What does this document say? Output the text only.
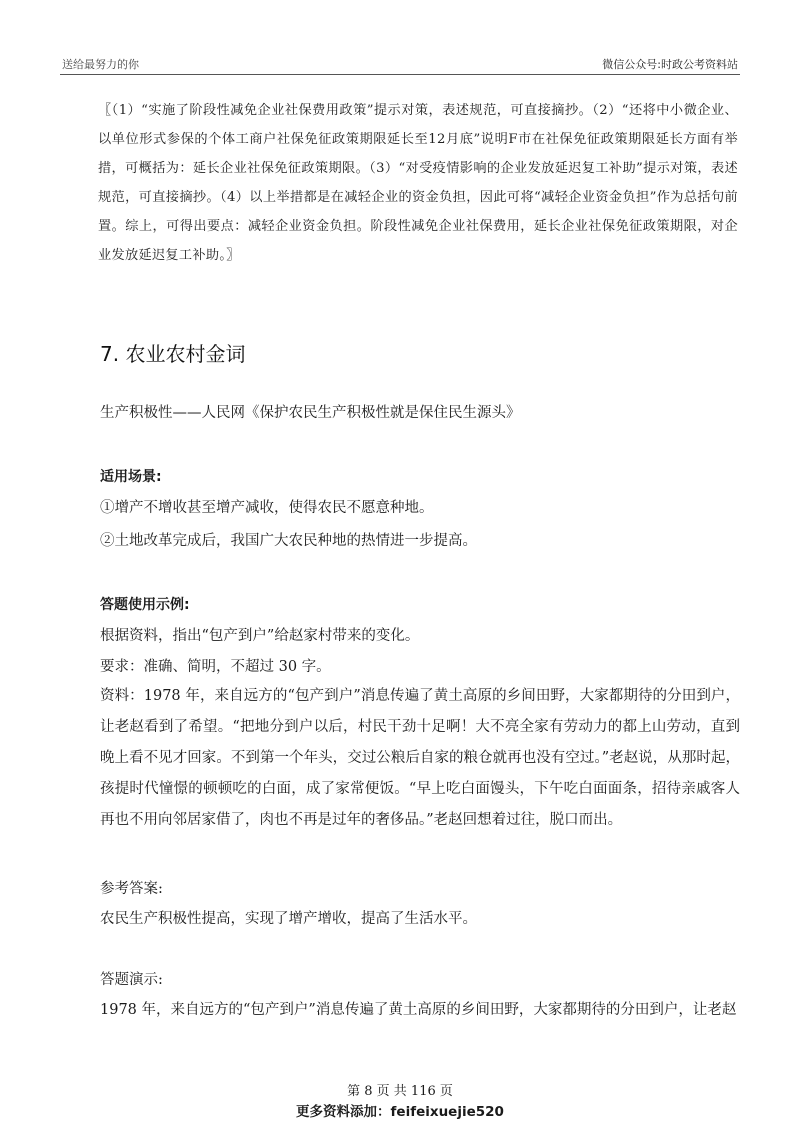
送给最努力的你	微信公众号:时政公考资料站

〖（1）“实施了阶段性减免企业社保费用政策”提示对策，表述规范，可直接摘抄。（2）“还将中小微企业、以单位形式参保的个体工商户社保免征政策期限延长至12月底”说明F市在社保免征政策期限延长方面有举措，可概括为：延长企业社保免征政策期限。（3）“对受疫情影响的企业发放延迟复工补助”提示对策，表述规范，可直接摘抄。（4）以上举措都是在减轻企业的资金负担，因此可将“减轻企业资金负担”作为总括句前置。综上，可得出要点：减轻企业资金负担。阶段性减免企业社保费用，延长企业社保免征政策期限，对企业发放延迟复工补助。〗

7. 农业农村金词

生产积极性——人民网《保护农民生产积极性就是保住民生源头》

适用场景:

①增产不增收甚至增产减收，使得农民不愿意种地。

②土地改革完成后，我国广大农民种地的热情进一步提高。

答题使用示例:

根据资料，指出“包产到户”给赵家村带来的变化。

要求：准确、简明，不超过 30 字。

资料：1978 年，来自远方的“包产到户”消息传遍了黄土高原的乡间田野，大家都期待的分田到户，让老赵看到了希望。“把地分到户以后，村民干劲十足啊！大不亮全家有劳动力的都上山劳动，直到晚上看不见才回家。不到第一个年头，交过公粮后自家的粮仓就再也没有空过。”老赵说，从那时起，孩提时代憧憬的顿顿吃的白面，成了家常便饭。“早上吃白面馒头，下午吃白面面条，招待亲戚客人再也不用向邻居家借了，肉也不再是过年的奢侈品。”老赵回想着过往，脱口而出。

参考答案:

农民生产积极性提高，实现了增产增收，提高了生活水平。

答题演示:

1978 年，来自远方的“包产到户”消息传遍了黄土高原的乡间田野，大家都期待的分田到户，让老赵

第 8 页 共 116 页

更多资料添加：feifeixuejie520
